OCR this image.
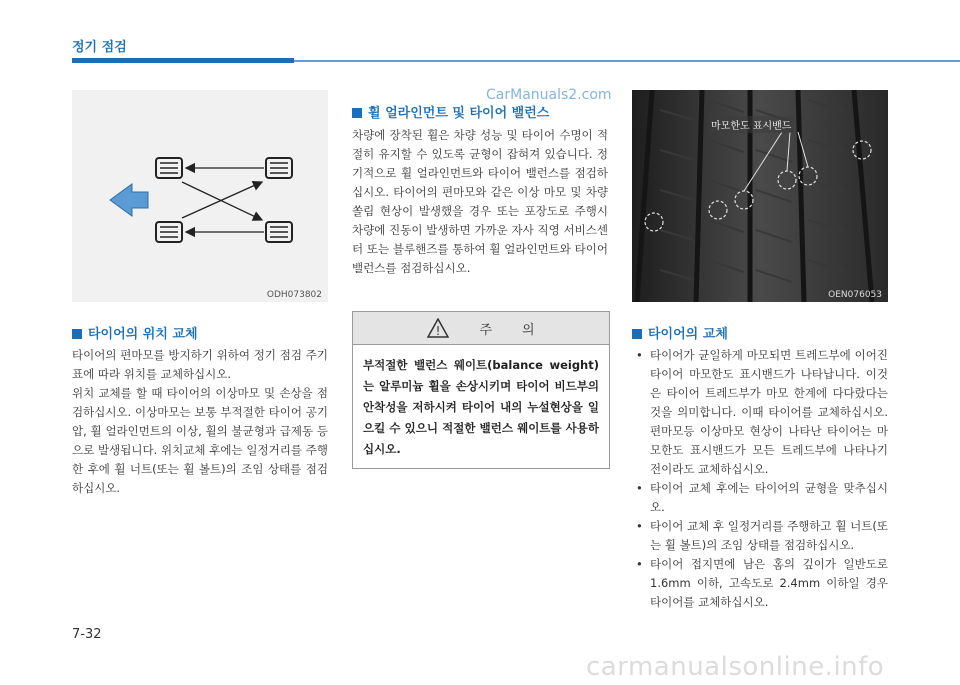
정기 점검
ODH073802
타이어의 위치 교체

타이어의 편마모를 방지하기 위하여 정기 점검 주기표에 따라 위치를 교체하십시오.

위치 교체를 할 때 타이어의 이상마모 및 손상을 점검하십시오. 이상마모는 보통 부적절한 타이어 공기압, 휠 얼라인먼트의 이상, 휠의 불균형과 급제동 등으로 발생됩니다. 위치교체 후에는 일정거리를 주행한 후에 휠 너트(또는 휠 볼트)의 조임 상태를 점검하십시오.

휠 얼라인먼트 및 타이어 밸런스

차량에 장착된 휠은 차량 성능 및 타이어 수명이 적절히 유지할 수 있도록 균형이 잡혀져 있습니다. 정기적으로 휠 얼라인먼트와 타이어 밸런스를 점검하십시오. 타이어의 편마모와 같은 이상 마모 및 차량 쏠림 현상이 발생했을 경우 또는 포장도로 주행시 차량에 진동이 발생하면 가까운 자사 직영 서비스센터 또는 블루핸즈를 통하여 휠 얼라인먼트와 타이어 밸런스를 점검하십시오.

!	주 의
부적절한 밸런스 웨이트(balance weight)는 알루미늄 휠을 손상시키며 타이어 비드부의 안착성을 저하시켜 타이어 내의 누설현상을 일으킬 수 있으니 적절한 밸런스 웨이트를 사용하십시오.
마모한도 표시밴드
OEN076053
타이어의 교체
• 타이어가 균일하게 마모되면 트레드부에 이어진 타이어 마모한도 표시밴드가 나타납니다. 이것은 타이어 트레드부가 마모 한계에 다다랐다는 것을 의미합니다. 이때 타이어를 교체하십시오. 편마모등 이상마모 현상이 나타난 타이어는 마모한도 표시밴드가 모든 트레드부에 나타나기 전이라도 교체하십시오.
• 타이어 교체 후에는 타이어의 균형을 맞추십시오.
• 타이어 교체 후 일정거리를 주행하고 휠 너트(또는 휠 볼트)의 조임 상태를 점검하십시오.
• 타이어 접지면에 남은 홈의 깊이가 일반도로 1.6mm 이하, 고속도로 2.4mm 이하일 경우 타이어를 교체하십시오.
7-32
CarManuals2.com
carmanualsonline.info
